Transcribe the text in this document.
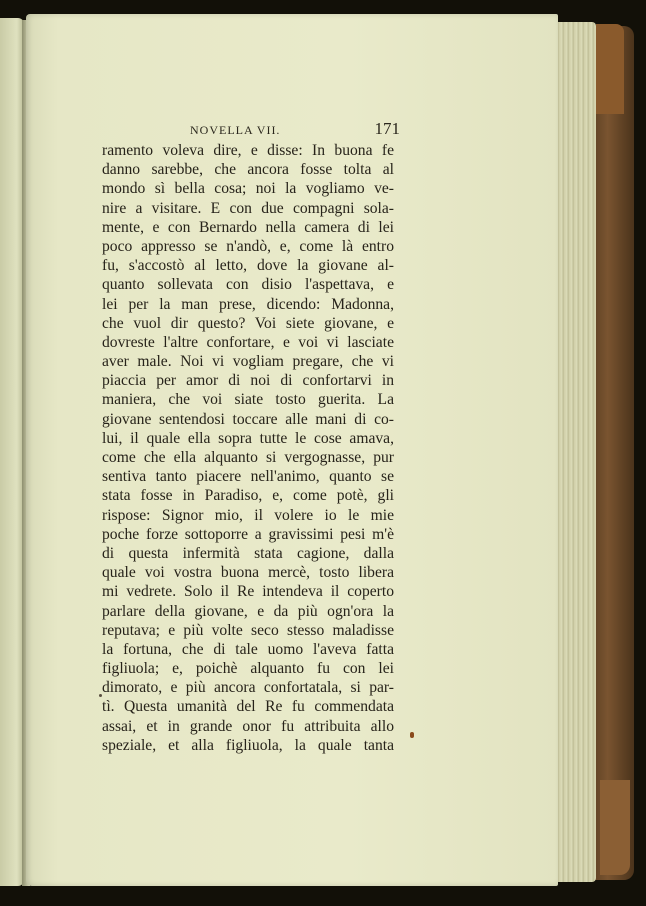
NOVELLA VII.	171
ramento voleva dire, e disse: In buona fe
danno sarebbe, che ancora fosse tolta al
mondo sì bella cosa; noi la vogliamo ve-
nire a visitare. E con due compagni sola-
mente, e con Bernardo nella camera di lei
poco appresso se n'andò, e, come là entro
fu, s'accostò al letto, dove la giovane al-
quanto sollevata con disio l'aspettava, e
lei per la man prese, dicendo: Madonna,
che vuol dir questo? Voi siete giovane, e
dovreste l'altre confortare, e voi vi lasciate
aver male. Noi vi vogliam pregare, che vi
piaccia per amor di noi di confortarvi in
maniera, che voi siate tosto guerita. La
giovane sentendosi toccare alle mani di co-
lui, il quale ella sopra tutte le cose amava,
come che ella alquanto si vergognasse, pur
sentiva tanto piacere nell'animo, quanto se
stata fosse in Paradiso, e, come potè, gli
rispose: Signor mio, il volere io le mie
poche forze sottoporre a gravissimi pesi m'è
di questa infermità stata cagione, dalla
quale voi vostra buona mercè, tosto libera
mi vedrete. Solo il Re intendeva il coperto
parlare della giovane, e da più ogn'ora la
reputava; e più volte seco stesso maladisse
la fortuna, che di tale uomo l'aveva fatta
figliuola; e, poichè alquanto fu con lei
dimorato, e più ancora confortatala, si par-
tì. Questa umanità del Re fu commendata
assai, et in grande onor fu attribuita allo
speziale, et alla figliuola, la quale tanta
